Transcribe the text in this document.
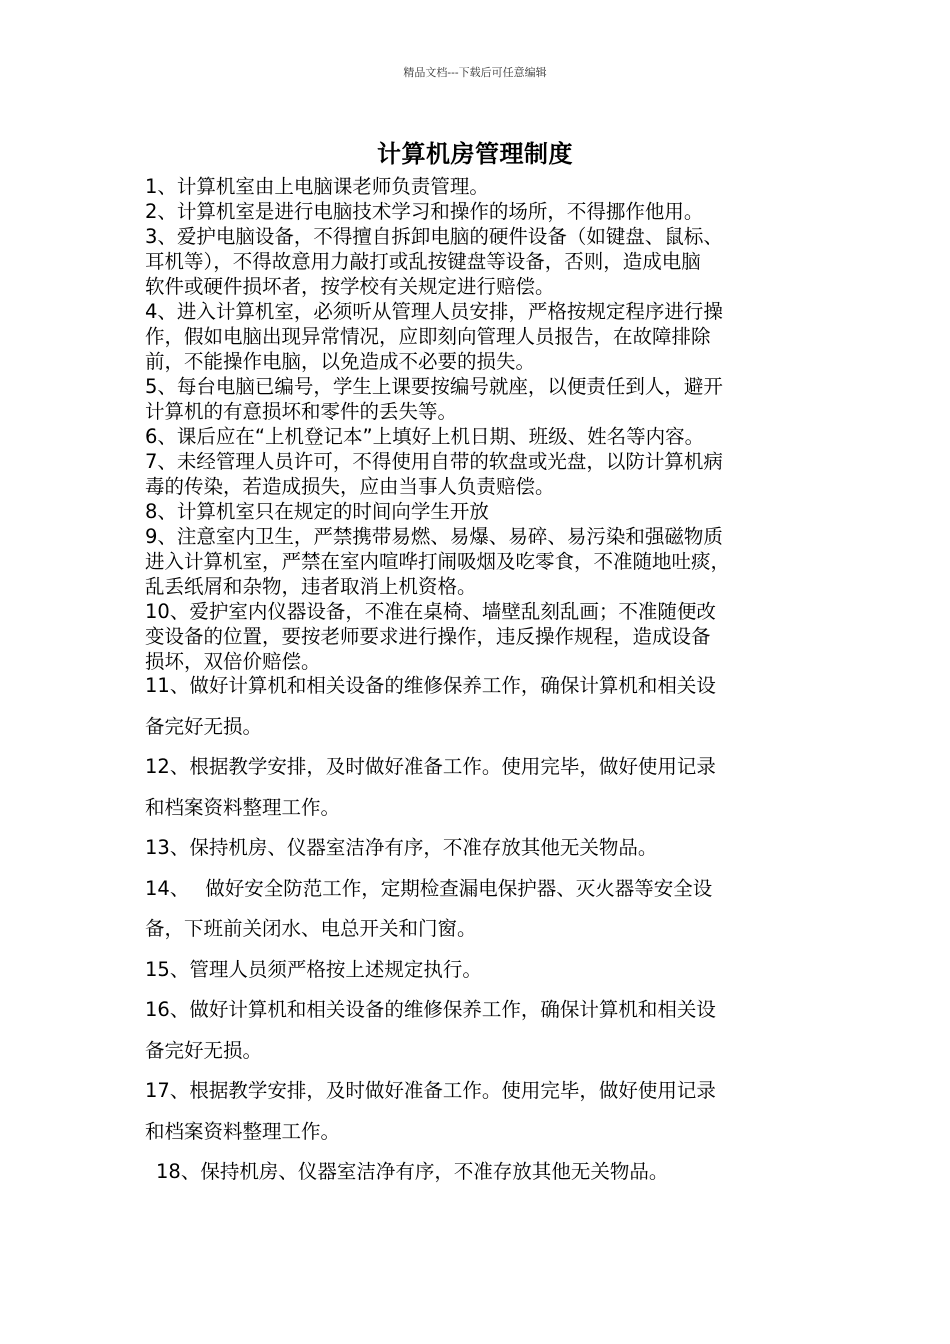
精品文档---下载后可任意编辑
计算机房管理制度

1、计算机室由上电脑课老师负责管理。

2、计算机室是进行电脑技术学习和操作的场所，不得挪作他用。

3、爱护电脑设备，不得擅自拆卸电脑的硬件设备（如键盘、鼠标、

耳机等），不得故意用力敲打或乱按键盘等设备，否则，造成电脑

软件或硬件损坏者，按学校有关规定进行赔偿。

4、进入计算机室，必须听从管理人员安排，严格按规定程序进行操

作，假如电脑出现异常情况，应即刻向管理人员报告，在故障排除

前，不能操作电脑，以免造成不必要的损失。

5、每台电脑已编号，学生上课要按编号就座，以便责任到人，避开

计算机的有意损坏和零件的丢失等。

6、课后应在“上机登记本”上填好上机日期、班级、姓名等内容。

7、未经管理人员许可，不得使用自带的软盘或光盘，以防计算机病

毒的传染，若造成损失，应由当事人负责赔偿。

8、计算机室只在规定的时间向学生开放

9、注意室内卫生，严禁携带易燃、易爆、易碎、易污染和强磁物质

进入计算机室，严禁在室内喧哗打闹吸烟及吃零食，不准随地吐痰，

乱丢纸屑和杂物，违者取消上机资格。

10、爱护室内仪器设备，不准在桌椅、墙壁乱刻乱画；不准随便改

变设备的位置，要按老师要求进行操作，违反操作规程，造成设备

损坏，双倍价赔偿。

11、做好计算机和相关设备的维修保养工作，确保计算机和相关设

备完好无损。

12、根据教学安排，及时做好准备工作。使用完毕，做好使用记录

和档案资料整理工作。

13、保持机房、仪器室洁净有序，不准存放其他无关物品。

14、　 做好安全防范工作，定期检查漏电保护器、灭火器等安全设

备，下班前关闭水、电总开关和门窗。

15、管理人员须严格按上述规定执行。

16、做好计算机和相关设备的维修保养工作，确保计算机和相关设

备完好无损。

17、根据教学安排，及时做好准备工作。使用完毕，做好使用记录

和档案资料整理工作。

18、保持机房、仪器室洁净有序，不准存放其他无关物品。
